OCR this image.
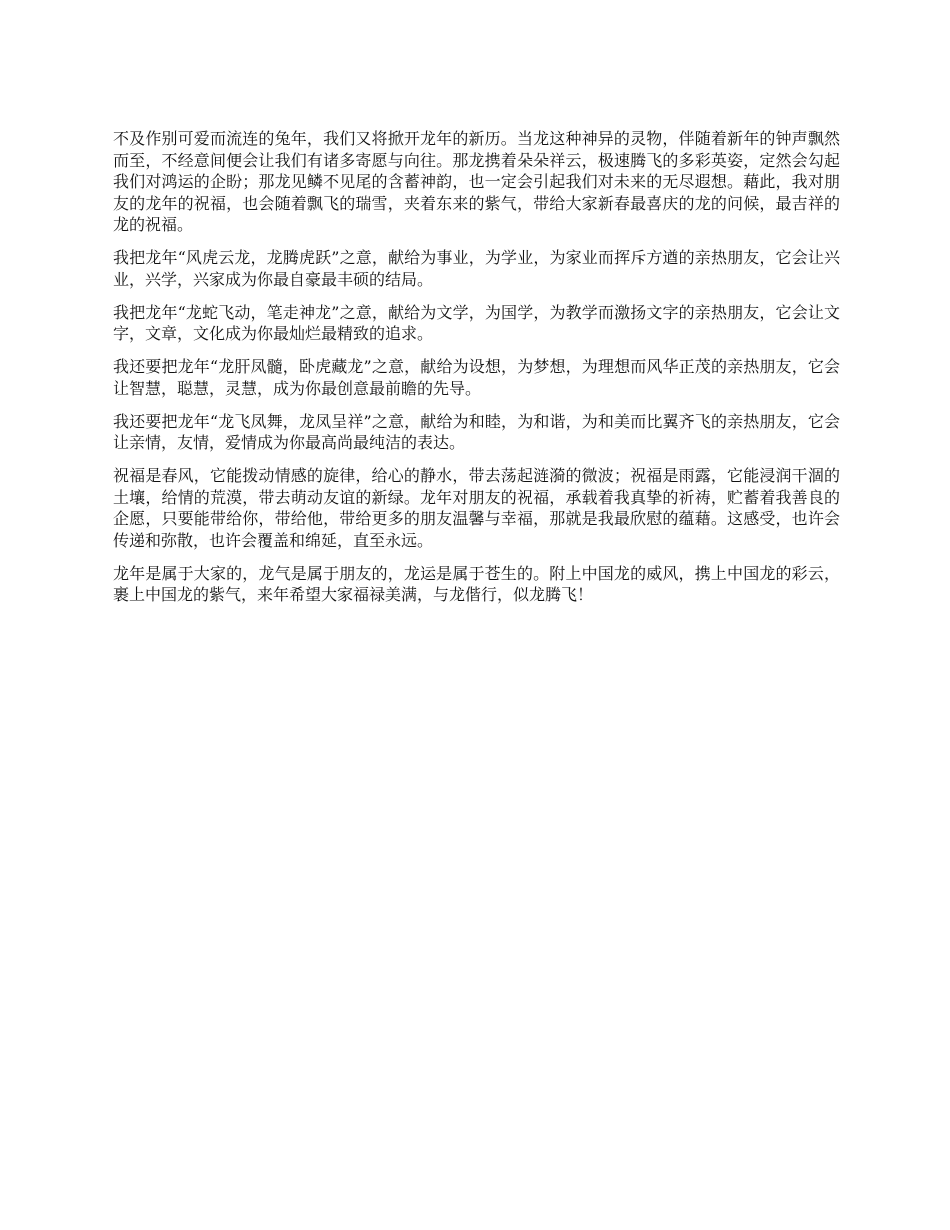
不及作别可爱而流连的兔年，我们又将掀开龙年的新历。当龙这种神异的灵物，伴随着新年的钟声飘然而至，不经意间便会让我们有诸多寄愿与向往。那龙携着朵朵祥云，极速腾飞的多彩英姿，定然会勾起我们对鸿运的企盼；那龙见鳞不见尾的含蓄神韵，也一定会引起我们对未来的无尽遐想。藉此，我对朋友的龙年的祝福，也会随着飘飞的瑞雪，夹着东来的紫气，带给大家新春最喜庆的龙的问候，最吉祥的龙的祝福。

我把龙年“风虎云龙，龙腾虎跃”之意，献给为事业，为学业，为家业而挥斥方遒的亲热朋友，它会让兴业，兴学，兴家成为你最自豪最丰硕的结局。

我把龙年“龙蛇飞动，笔走神龙”之意，献给为文学，为国学，为教学而激扬文字的亲热朋友，它会让文字，文章，文化成为你最灿烂最精致的追求。

我还要把龙年“龙肝凤髓，卧虎藏龙”之意，献给为设想，为梦想，为理想而风华正茂的亲热朋友，它会让智慧，聪慧，灵慧，成为你最创意最前瞻的先导。

我还要把龙年“龙飞凤舞，龙凤呈祥”之意，献给为和睦，为和谐，为和美而比翼齐飞的亲热朋友，它会让亲情，友情，爱情成为你最高尚最纯洁的表达。

祝福是春风，它能拨动情感的旋律，给心的静水，带去荡起涟漪的微波；祝福是雨露，它能浸润干涸的土壤，给情的荒漠，带去萌动友谊的新绿。龙年对朋友的祝福，承载着我真挚的祈祷，贮蓄着我善良的企愿，只要能带给你，带给他，带给更多的朋友温馨与幸福，那就是我最欣慰的蕴藉。这感受，也许会传递和弥散，也许会覆盖和绵延，直至永远。

龙年是属于大家的，龙气是属于朋友的，龙运是属于苍生的。附上中国龙的威风，携上中国龙的彩云，裹上中国龙的紫气，来年希望大家福禄美满，与龙偕行，似龙腾飞！
